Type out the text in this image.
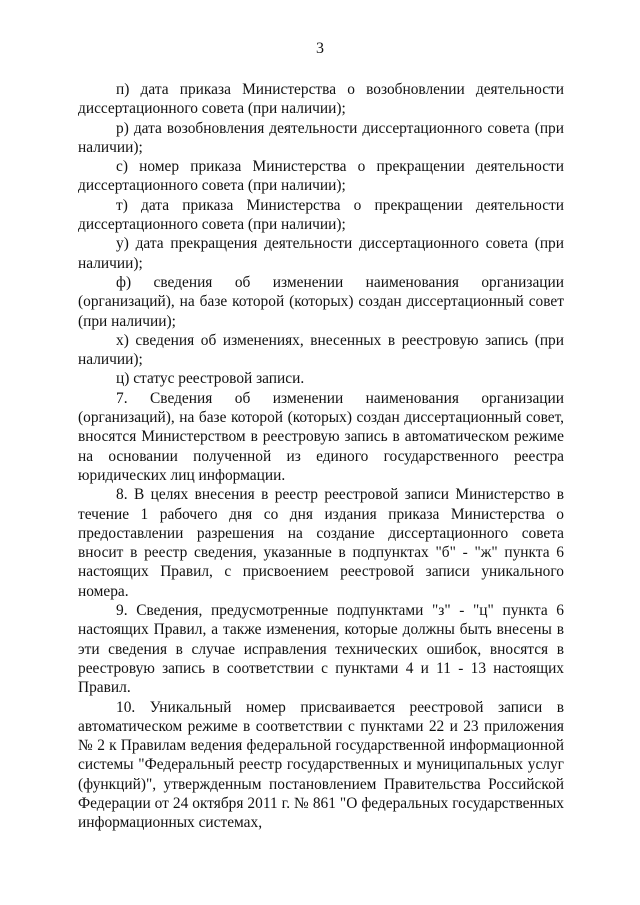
3

п) дата приказа Министерства о возобновлении деятельности диссертационного совета (при наличии);

р) дата возобновления деятельности диссертационного совета (при наличии);

с) номер приказа Министерства о прекращении деятельности диссертационного совета (при наличии);

т) дата приказа Министерства о прекращении деятельности диссертационного совета (при наличии);

у) дата прекращения деятельности диссертационного совета (при наличии);

ф) сведения об изменении наименования организации (организаций), на базе которой (которых) создан диссертационный совет (при наличии);

х) сведения об изменениях, внесенных в реестровую запись (при наличии);

ц) статус реестровой записи.

7. Сведения об изменении наименования организации (организаций), на базе которой (которых) создан диссертационный совет, вносятся Министерством в реестровую запись в автоматическом режиме на основании полученной из единого государственного реестра юридических лиц информации.

8. В целях внесения в реестр реестровой записи Министерство в течение 1 рабочего дня со дня издания приказа Министерства о предоставлении разрешения на создание диссертационного совета вносит в реестр сведения, указанные в подпунктах "б" - "ж" пункта 6 настоящих Правил, с присвоением реестровой записи уникального номера.

9. Сведения, предусмотренные подпунктами "з" - "ц" пункта 6 настоящих Правил, а также изменения, которые должны быть внесены в эти сведения в случае исправления технических ошибок, вносятся в реестровую запись в соответствии с пунктами 4 и 11 - 13 настоящих Правил.

10. Уникальный номер присваивается реестровой записи в автоматическом режиме в соответствии с пунктами 22 и 23 приложения № 2 к Правилам ведения федеральной государственной информационной системы "Федеральный реестр государственных и муниципальных услуг (функций)", утвержденным постановлением Правительства Российской Федерации от 24 октября 2011 г. № 861 "О федеральных государственных информационных системах,
